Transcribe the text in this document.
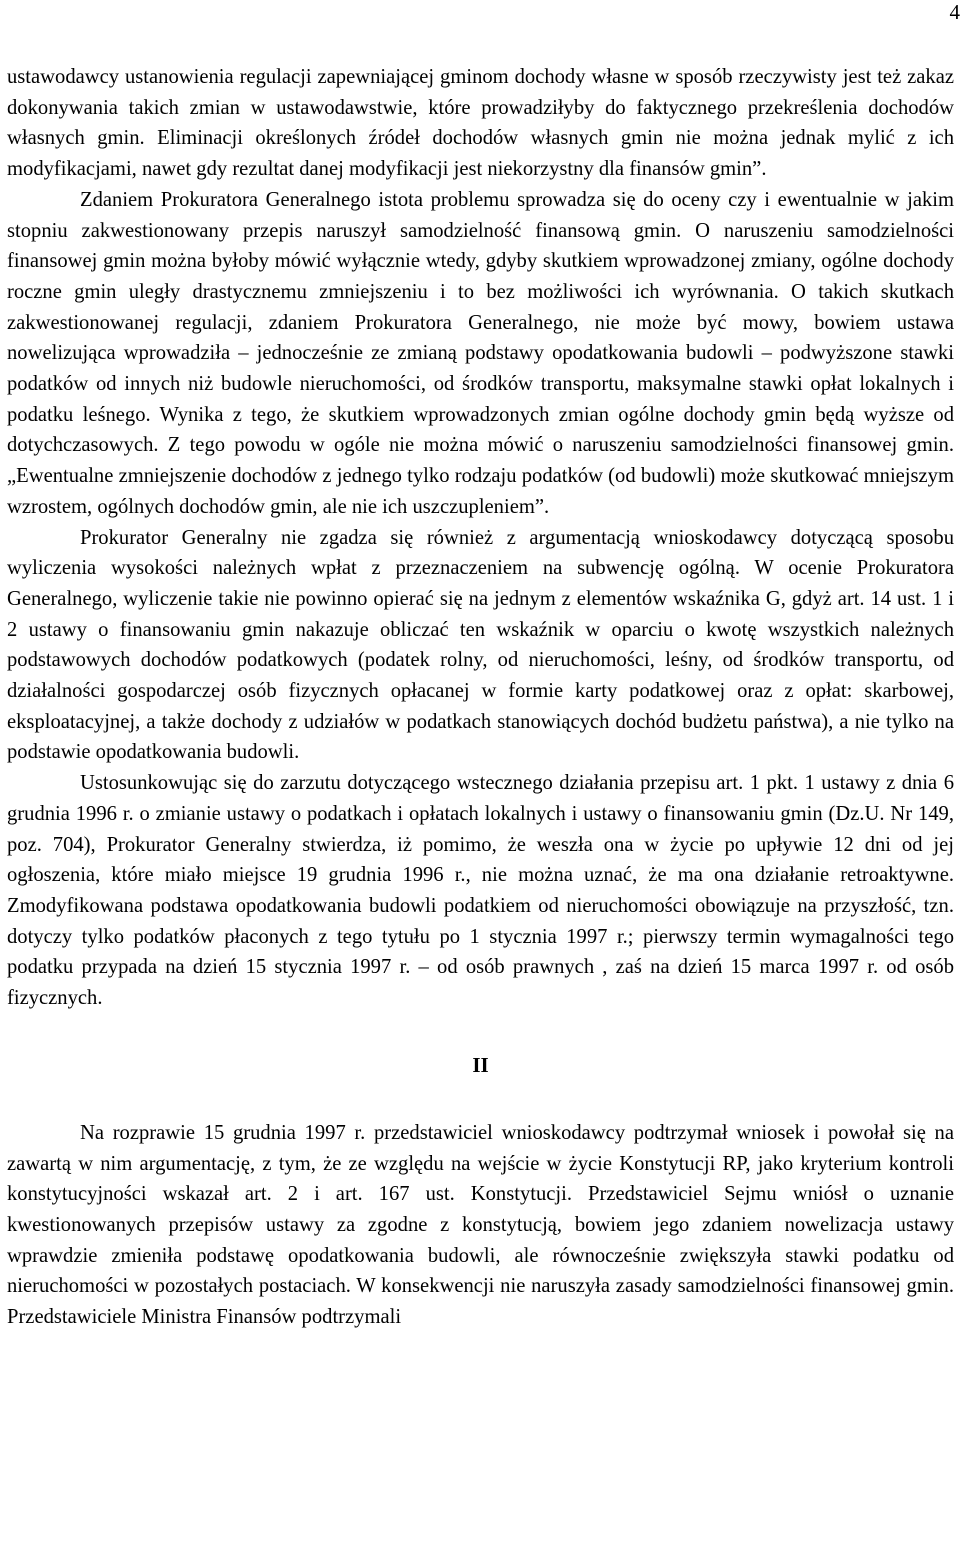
4

ustawodawcy ustanowienia regulacji zapewniającej gminom dochody własne w sposób rzeczywisty jest też zakaz dokonywania takich zmian w ustawodawstwie, które prowadziłyby do faktycznego przekreślenia dochodów własnych gmin. Eliminacji określonych źródeł dochodów własnych gmin nie można jednak mylić z ich modyfikacjami, nawet gdy rezultat danej modyfikacji jest niekorzystny dla finansów gmin”.

Zdaniem Prokuratora Generalnego istota problemu sprowadza się do oceny czy i ewentualnie w jakim stopniu zakwestionowany przepis naruszył samodzielność finansową gmin. O naruszeniu samodzielności finansowej gmin można byłoby mówić wyłącznie wtedy, gdyby skutkiem wprowadzonej zmiany, ogólne dochody roczne gmin uległy drastycznemu zmniejszeniu i to bez możliwości ich wyrównania. O takich skutkach zakwestionowanej regulacji, zdaniem Prokuratora Generalnego, nie może być mowy, bowiem ustawa nowelizująca wprowadziła – jednocześnie ze zmianą podstawy opodatkowania budowli – podwyższone stawki podatków od innych niż budowle nieruchomości, od środków transportu, maksymalne stawki opłat lokalnych i podatku leśnego. Wynika z tego, że skutkiem wprowadzonych zmian ogólne dochody gmin będą wyższe od dotychczasowych. Z tego powodu w ogóle nie można mówić o naruszeniu samodzielności finansowej gmin. „Ewentualne zmniejszenie dochodów z jednego tylko rodzaju podatków (od budowli) może skutkować mniejszym wzrostem, ogólnych dochodów gmin, ale nie ich uszczupleniem”.

Prokurator Generalny nie zgadza się również z argumentacją wnioskodawcy dotyczącą sposobu wyliczenia wysokości należnych wpłat z przeznaczeniem na subwencję ogólną. W ocenie Prokuratora Generalnego, wyliczenie takie nie powinno opierać się na jednym z elementów wskaźnika G, gdyż art. 14 ust. 1 i 2 ustawy o finansowaniu gmin nakazuje obliczać ten wskaźnik w oparciu o kwotę wszystkich należnych podstawowych dochodów podatkowych (podatek rolny, od nieruchomości, leśny, od środków transportu, od działalności gospodarczej osób fizycznych opłacanej w formie karty podatkowej oraz z opłat: skarbowej, eksploatacyjnej, a także dochody z udziałów w podatkach stanowiących dochód budżetu państwa), a nie tylko na podstawie opodatkowania budowli.

Ustosunkowując się do zarzutu dotyczącego wstecznego działania przepisu art. 1 pkt. 1 ustawy z dnia 6 grudnia 1996 r. o zmianie ustawy o podatkach i opłatach lokalnych i ustawy o finansowaniu gmin (Dz.U. Nr 149, poz. 704), Prokurator Generalny stwierdza, iż pomimo, że weszła ona w życie po upływie 12 dni od jej ogłoszenia, które miało miejsce 19 grudnia 1996 r., nie można uznać, że ma ona działanie retroaktywne. Zmodyfikowana podstawa opodatkowania budowli podatkiem od nieruchomości obowiązuje na przyszłość, tzn. dotyczy tylko podatków płaconych z tego tytułu po 1 stycznia 1997 r.; pierwszy termin wymagalności tego podatku przypada na dzień 15 stycznia 1997 r. – od osób prawnych , zaś na dzień 15 marca 1997 r. od osób fizycznych.

II

Na rozprawie 15 grudnia 1997 r. przedstawiciel wnioskodawcy podtrzymał wniosek i powołał się na zawartą w nim argumentację, z tym, że ze względu na wejście w życie Konstytucji RP, jako kryterium kontroli konstytucyjności wskazał art. 2 i art. 167 ust. Konstytucji. Przedstawiciel Sejmu wniósł o uznanie kwestionowanych przepisów ustawy za zgodne z konstytucją, bowiem jego zdaniem nowelizacja ustawy wprawdzie zmieniła podstawę opodatkowania budowli, ale równocześnie zwiększyła stawki podatku od nieruchomości w pozostałych postaciach. W konsekwencji nie naruszyła zasady samodzielności finansowej gmin. Przedstawiciele Ministra Finansów podtrzymali
